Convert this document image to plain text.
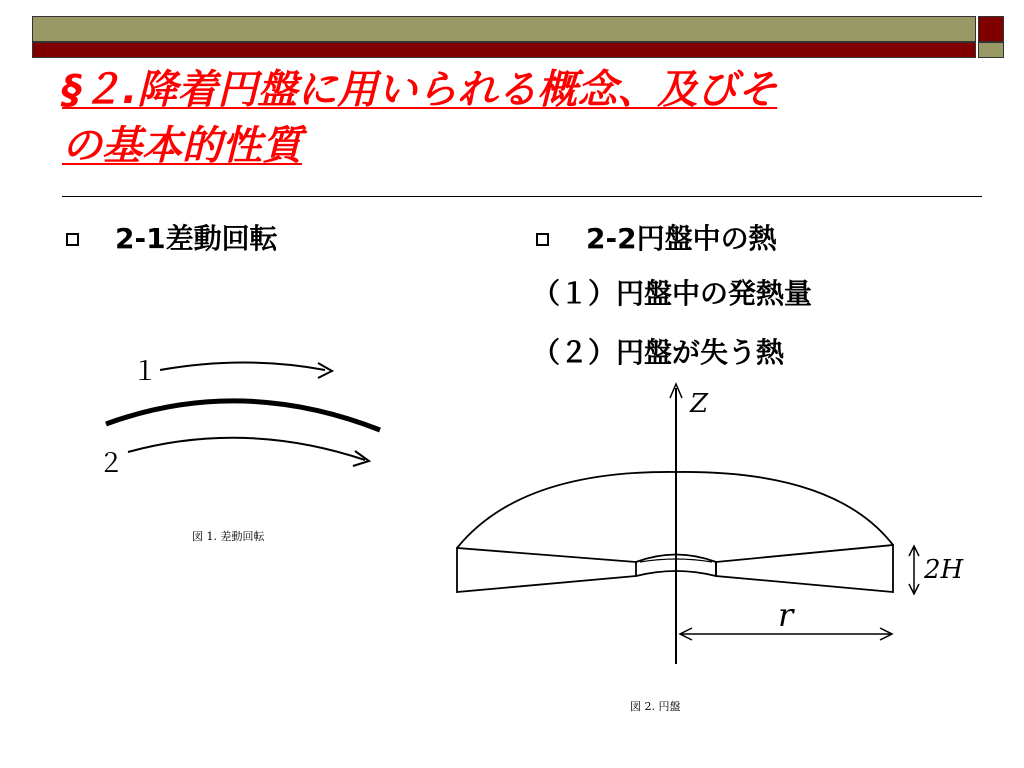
§２.降着円盤に用いられる概念、及びそ
の基本的性質
2-1差動回転	2-2円盤中の熱
（１）円盤中の発熱量
（２）円盤が失う熱
１
２
図 1. 差動回転
Z
2H
r
図 2. 円盤
